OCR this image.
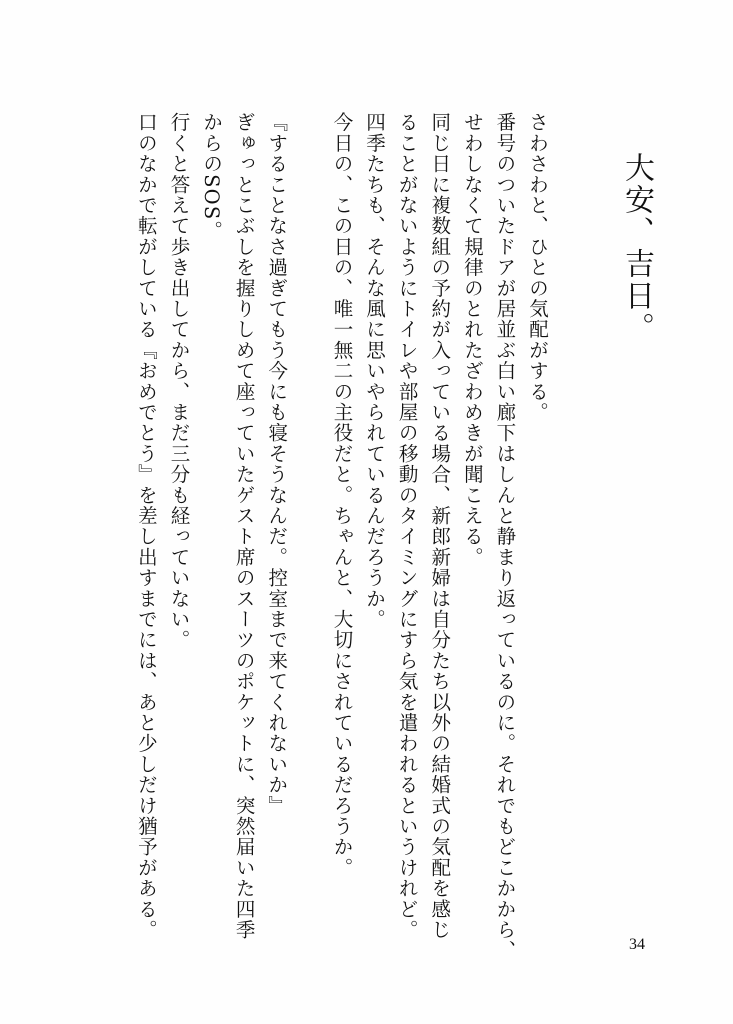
大安、吉日。

さわさわと、ひとの気配がする。

番号のついたドアが居並ぶ白い廊下はしんと静まり返っているのに。それでもどこかから、

せわしなくて規律のとれたざわめきが聞こえる。

同じ日に複数組の予約が入っている場合、新郎新婦は自分たち以外の結婚式の気配を感じ

ることがないようにトイレや部屋の移動のタイミングにすら気を遣われるというけれど。

四季たちも、そんな風に思いやられているんだろうか。

今日の、この日の、唯一無二の主役だと。ちゃんと、大切にされているだろうか。

『することなさ過ぎてもう今にも寝そうなんだ。控室まで来てくれないか』

ぎゅっとこぶしを握りしめて座っていたゲスト席のスーツのポケットに、突然届いた四季

からのSOS。

行くと答えて歩き出してから、まだ三分も経っていない。

口のなかで転がしている『おめでとう』を差し出すまでには、あと少しだけ猶予がある。

34
